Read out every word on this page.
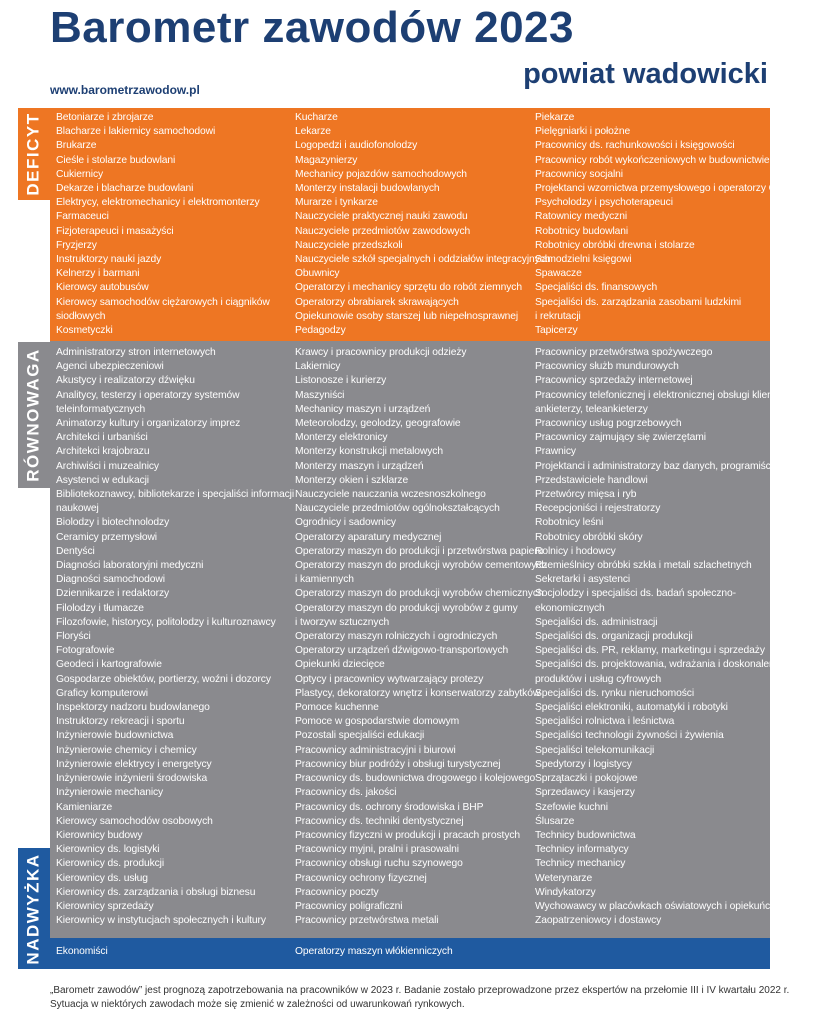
Barometr zawodów 2023
powiat wadowicki
www.barometrzawodow.pl
DEFICYT
RÓWNOWAGA
NADWYŻKA
Betoniarze i zbrojarze
Blacharze i lakiernicy samochodowi
Brukarze
Cieśle i stolarze budowlani
Cukiernicy
Dekarze i blacharze budowlani
Elektrycy, elektromechanicy i elektromonterzy
Farmaceuci
Fizjoterapeuci i masażyści
Fryzjerzy
Instruktorzy nauki jazdy
Kelnerzy i barmani
Kierowcy autobusów
Kierowcy samochodów ciężarowych i ciągników
siodłowych
Kosmetyczki
Kucharze
Lekarze
Logopedzi i audiofonolodzy
Magazynierzy
Mechanicy pojazdów samochodowych
Monterzy instalacji budowlanych
Murarze i tynkarze
Nauczyciele praktycznej nauki zawodu
Nauczyciele przedmiotów zawodowych
Nauczyciele przedszkoli
Nauczyciele szkół specjalnych i oddziałów integracyjnych
Obuwnicy
Operatorzy i mechanicy sprzętu do robót ziemnych
Operatorzy obrabiarek skrawających
Opiekunowie osoby starszej lub niepełnosprawnej
Pedagodzy
Piekarze
Pielęgniarki i położne
Pracownicy ds. rachunkowości i księgowości
Pracownicy robót wykończeniowych w budownictwie
Pracownicy socjalni
Projektanci wzornictwa przemysłowego i operatorzy CAD
Psycholodzy i psychoterapeuci
Ratownicy medyczni
Robotnicy budowlani
Robotnicy obróbki drewna i stolarze
Samodzielni księgowi
Spawacze
Specjaliści ds. finansowych
Specjaliści ds. zarządzania zasobami ludzkimi
i rekrutacji
Tapicerzy
Administratorzy stron internetowych
Agenci ubezpieczeniowi
Akustycy i realizatorzy dźwięku
Analitycy, testerzy i operatorzy systemów
teleinformatycznych
Animatorzy kultury i organizatorzy imprez
Architekci i urbaniści
Architekci krajobrazu
Archiwiści i muzealnicy
Asystenci w edukacji
Bibliotekoznawcy, bibliotekarze i specjaliści informacji
naukowej
Biolodzy i biotechnolodzy
Ceramicy przemysłowi
Dentyści
Diagności laboratoryjni medyczni
Diagności samochodowi
Dziennikarze i redaktorzy
Filolodzy i tłumacze
Filozofowie, historycy, politolodzy i kulturoznawcy
Floryści
Fotografowie
Geodeci i kartografowie
Gospodarze obiektów, portierzy, woźni i dozorcy
Graficy komputerowi
Inspektorzy nadzoru budowlanego
Instruktorzy rekreacji i sportu
Inżynierowie budownictwa
Inżynierowie chemicy i chemicy
Inżynierowie elektrycy i energetycy
Inżynierowie inżynierii środowiska
Inżynierowie mechanicy
Kamieniarze
Kierowcy samochodów osobowych
Kierownicy budowy
Kierownicy ds. logistyki
Kierownicy ds. produkcji
Kierownicy ds. usług
Kierownicy ds. zarządzania i obsługi biznesu
Kierownicy sprzedaży
Kierownicy w instytucjach społecznych i kultury
Krawcy i pracownicy produkcji odzieży
Lakiernicy
Listonosze i kurierzy
Maszyniści
Mechanicy maszyn i urządzeń
Meteorolodzy, geolodzy, geografowie
Monterzy elektronicy
Monterzy konstrukcji metalowych
Monterzy maszyn i urządzeń
Monterzy okien i szklarze
Nauczyciele nauczania wczesnoszkolnego
Nauczyciele przedmiotów ogólnokształcących
Ogrodnicy i sadownicy
Operatorzy aparatury medycznej
Operatorzy maszyn do produkcji i przetwórstwa papieru
Operatorzy maszyn do produkcji wyrobów cementowych
i kamiennych
Operatorzy maszyn do produkcji wyrobów chemicznych
Operatorzy maszyn do produkcji wyrobów z gumy
i tworzyw sztucznych
Operatorzy maszyn rolniczych i ogrodniczych
Operatorzy urządzeń dźwigowo-transportowych
Opiekunki dziecięce
Optycy i pracownicy wytwarzający protezy
Plastycy, dekoratorzy wnętrz i konserwatorzy zabytków
Pomoce kuchenne
Pomoce w gospodarstwie domowym
Pozostali specjaliści edukacji
Pracownicy administracyjni i biurowi
Pracownicy biur podróży i obsługi turystycznej
Pracownicy ds. budownictwa drogowego i kolejowego
Pracownicy ds. jakości
Pracownicy ds. ochrony środowiska i BHP
Pracownicy ds. techniki dentystycznej
Pracownicy fizyczni w produkcji i pracach prostych
Pracownicy myjni, pralni i prasowalni
Pracownicy obsługi ruchu szynowego
Pracownicy ochrony fizycznej
Pracownicy poczty
Pracownicy poligraficzni
Pracownicy przetwórstwa metali
Pracownicy przetwórstwa spożywczego
Pracownicy służb mundurowych
Pracownicy sprzedaży internetowej
Pracownicy telefonicznej i elektronicznej obsługi klienta,
ankieterzy, teleankieterzy
Pracownicy usług pogrzebowych
Pracownicy zajmujący się zwierzętami
Prawnicy
Projektanci i administratorzy baz danych, programiści
Przedstawiciele handlowi
Przetwórcy mięsa i ryb
Recepcjoniści i rejestratorzy
Robotnicy leśni
Robotnicy obróbki skóry
Rolnicy i hodowcy
Rzemieślnicy obróbki szkła i metali szlachetnych
Sekretarki i asystenci
Socjolodzy i specjaliści ds. badań społeczno-
ekonomicznych
Specjaliści ds. administracji
Specjaliści ds. organizacji produkcji
Specjaliści ds. PR, reklamy, marketingu i sprzedaży
Specjaliści ds. projektowania, wdrażania i doskonalenia
produktów i usług cyfrowych
Specjaliści ds. rynku nieruchomości
Specjaliści elektroniki, automatyki i robotyki
Specjaliści rolnictwa i leśnictwa
Specjaliści technologii żywności i żywienia
Specjaliści telekomunikacji
Spedytorzy i logistycy
Sprzątaczki i pokojowe
Sprzedawcy i kasjerzy
Szefowie kuchni
Ślusarze
Technicy budownictwa
Technicy informatycy
Technicy mechanicy
Weterynarze
Windykatorzy
Wychowawcy w placówkach oświatowych i opiekuńczych
Zaopatrzeniowcy i dostawcy
Ekonomiści	Operatorzy maszyn włókienniczych
„Barometr zawodów” jest prognozą zapotrzebowania na pracowników w 2023 r. Badanie zostało przeprowadzone przez ekspertów na przełomie III i IV kwartału 2022 r.
Sytuacja w niektórych zawodach może się zmienić w zależności od uwarunkowań rynkowych.
